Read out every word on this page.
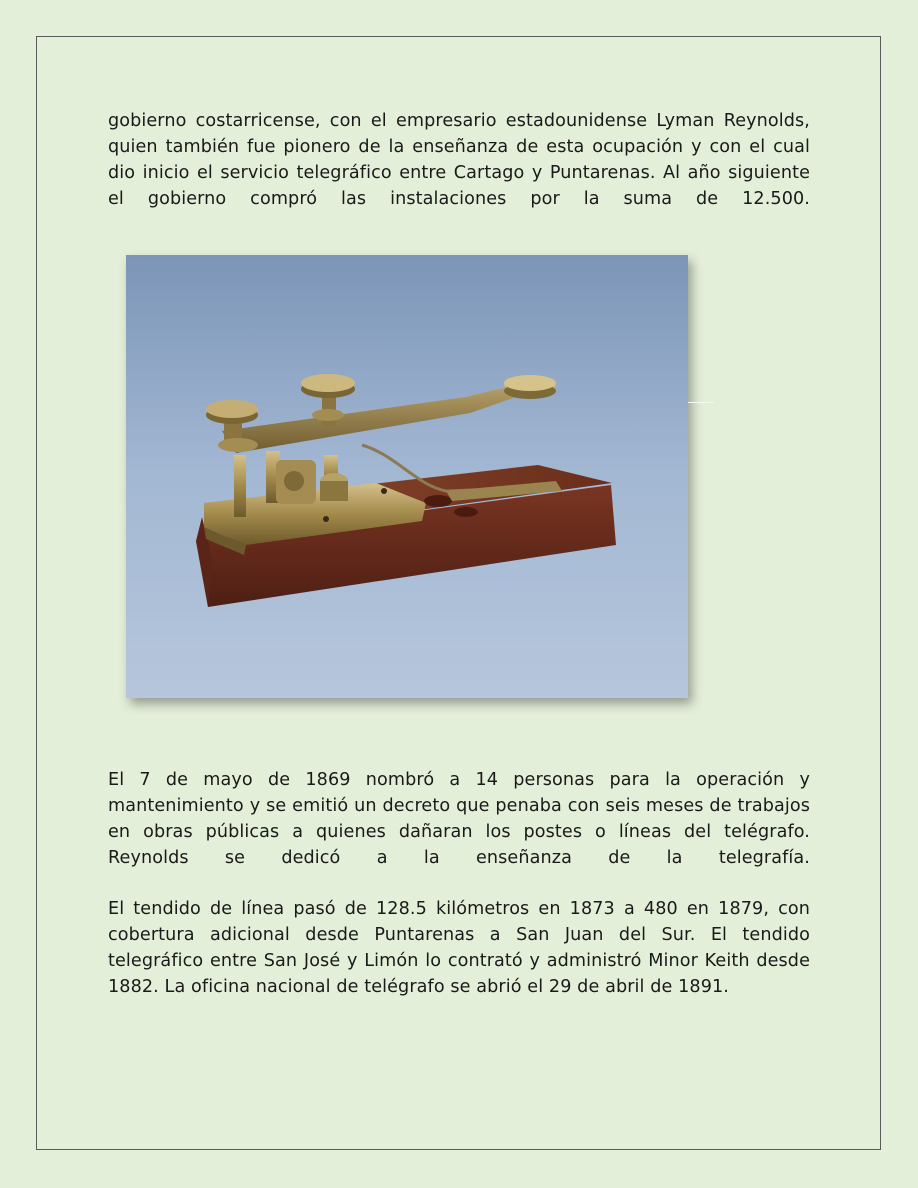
gobierno costarricense, con el empresario estadounidense Lyman Reynolds, quien también fue pionero de la enseñanza de esta ocupación y con el cual dio inicio el servicio telegráfico entre Cartago y Puntarenas. Al año siguiente el gobierno compró las instalaciones por la suma de 12.500.

El 7 de mayo de 1869 nombró a 14 personas para la operación y mantenimiento y se emitió un decreto que penaba con seis meses de trabajos en obras públicas a quienes dañaran los postes o líneas del telégrafo. Reynolds se dedicó a la enseñanza de la telegrafía.

El tendido de línea pasó de 128.5 kilómetros en 1873 a 480 en 1879, con cobertura adicional desde Puntarenas a San Juan del Sur. El tendido telegráfico entre San José y Limón lo contrató y administró Minor Keith desde 1882. La oficina nacional de telégrafo se abrió el 29 de abril de 1891.
